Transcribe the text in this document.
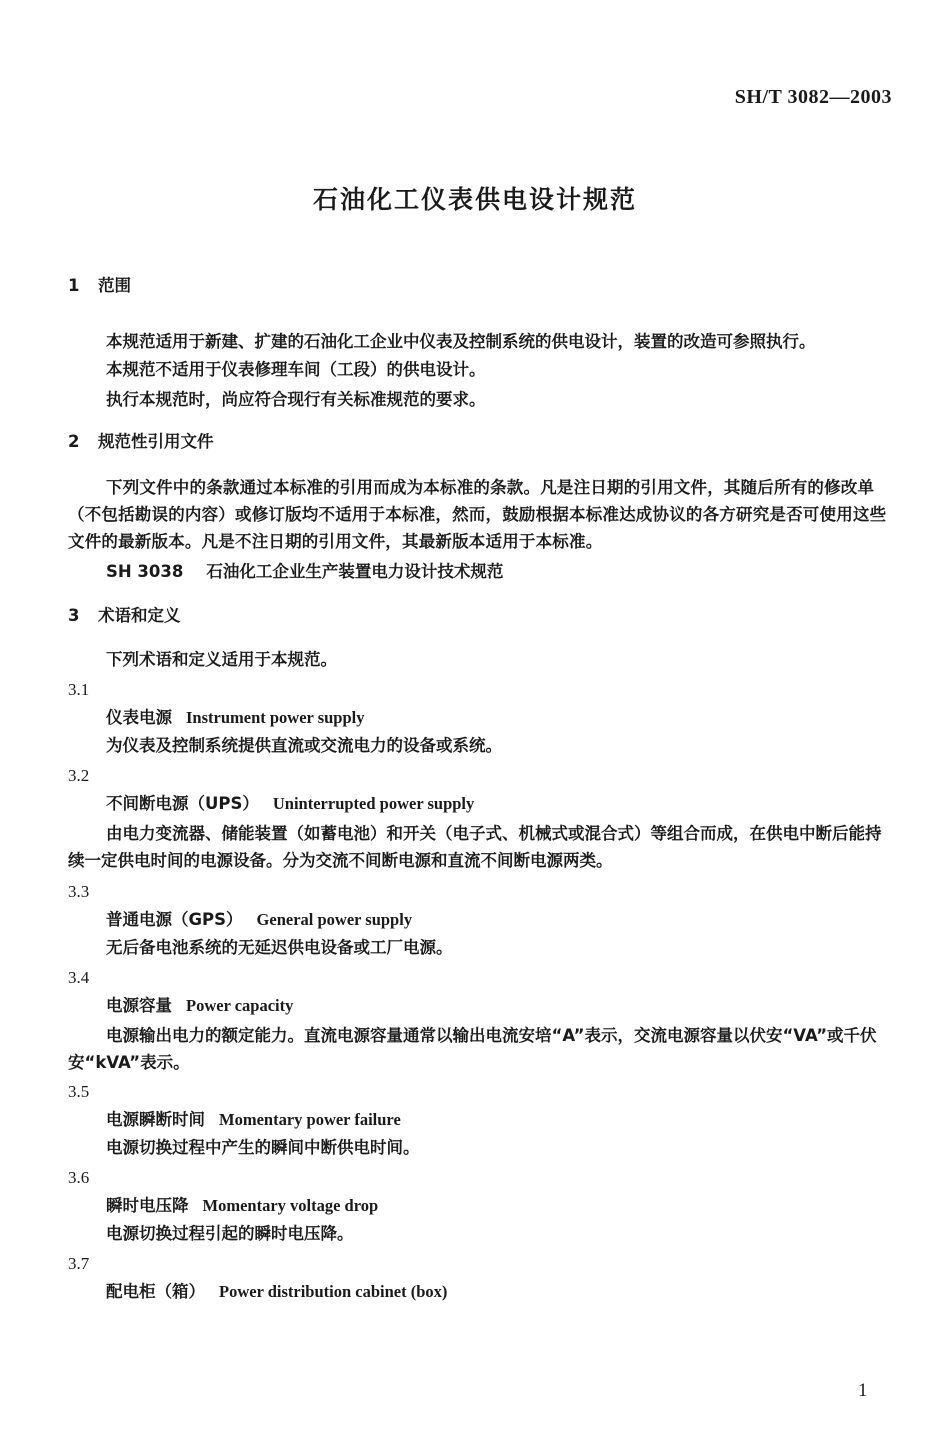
SH/T 3082—2003
石油化工仪表供电设计规范
1 范围
本规范适用于新建、扩建的石油化工企业中仪表及控制系统的供电设计，装置的改造可参照执行。
本规范不适用于仪表修理车间（工段）的供电设计。
执行本规范时，尚应符合现行有关标准规范的要求。
2 规范性引用文件
下列文件中的条款通过本标准的引用而成为本标准的条款。凡是注日期的引用文件，其随后所有的修改单（不包括勘误的内容）或修订版均不适用于本标准，然而，鼓励根据本标准达成协议的各方研究是否可使用这些文件的最新版本。凡是不注日期的引用文件，其最新版本适用于本标准。
SH 3038    石油化工企业生产装置电力设计技术规范
3 术语和定义
下列术语和定义适用于本规范。
3.1
仪表电源 Instrument power supply
为仪表及控制系统提供直流或交流电力的设备或系统。
3.2
不间断电源（UPS） Uninterrupted power supply
由电力变流器、储能装置（如蓄电池）和开关（电子式、机械式或混合式）等组合而成，在供电中断后能持续一定供电时间的电源设备。分为交流不间断电源和直流不间断电源两类。
3.3
普通电源（GPS） General power supply
无后备电池系统的无延迟供电设备或工厂电源。
3.4
电源容量 Power capacity
电源输出电力的额定能力。直流电源容量通常以输出电流安培“A”表示，交流电源容量以伏安“VA”或千伏安“kVA”表示。
3.5
电源瞬断时间 Momentary power failure
电源切换过程中产生的瞬间中断供电时间。
3.6
瞬时电压降 Momentary voltage drop
电源切换过程引起的瞬时电压降。
3.7
配电柜（箱） Power distribution cabinet (box)
1
